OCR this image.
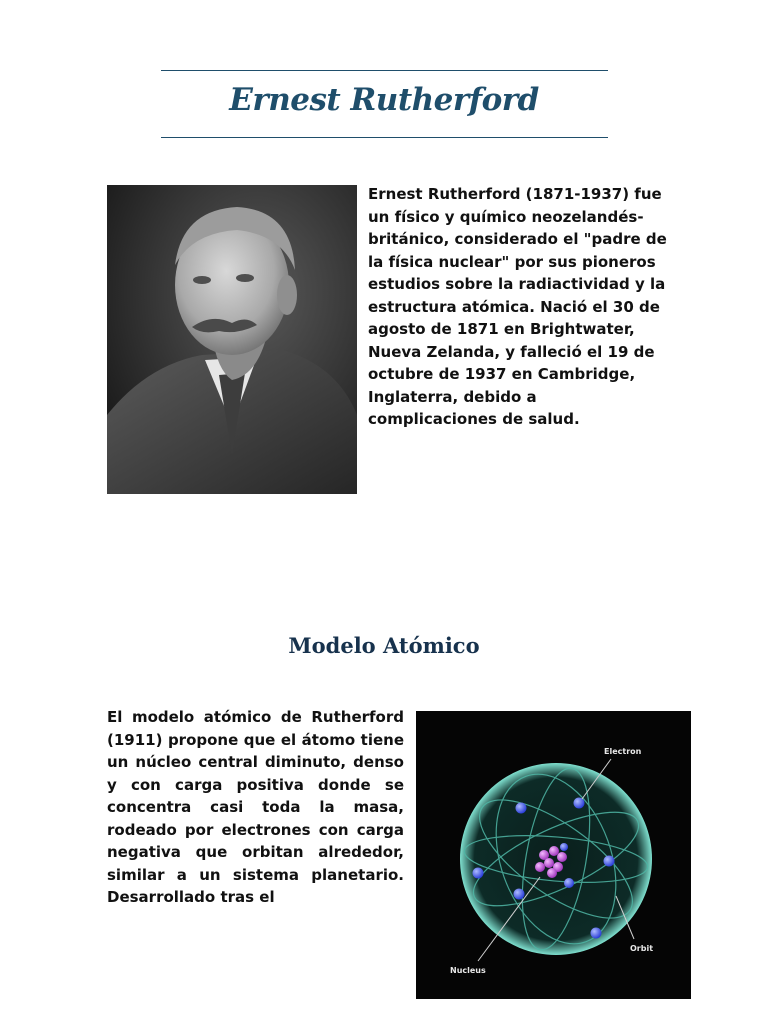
Ernest Rutherford

Ernest Rutherford (1871-1937) fue un físico y químico neozelandés-británico, considerado el "padre de la física nuclear" por sus pioneros estudios sobre la radiactividad y la estructura atómica. Nació el 30 de agosto de 1871 en Brightwater, Nueva Zelanda, y falleció el 19 de octubre de 1937 en Cambridge, Inglaterra, debido a complicaciones de salud.

Modelo Atómico

El modelo atómico de Rutherford (1911) propone que el átomo tiene un núcleo central diminuto, denso y con carga positiva donde se concentra casi toda la masa, rodeado por electrones con carga negativa que orbitan alrededor, similar a un sistema planetario. Desarrollado tras el

Electron
Orbit
Nucleus
